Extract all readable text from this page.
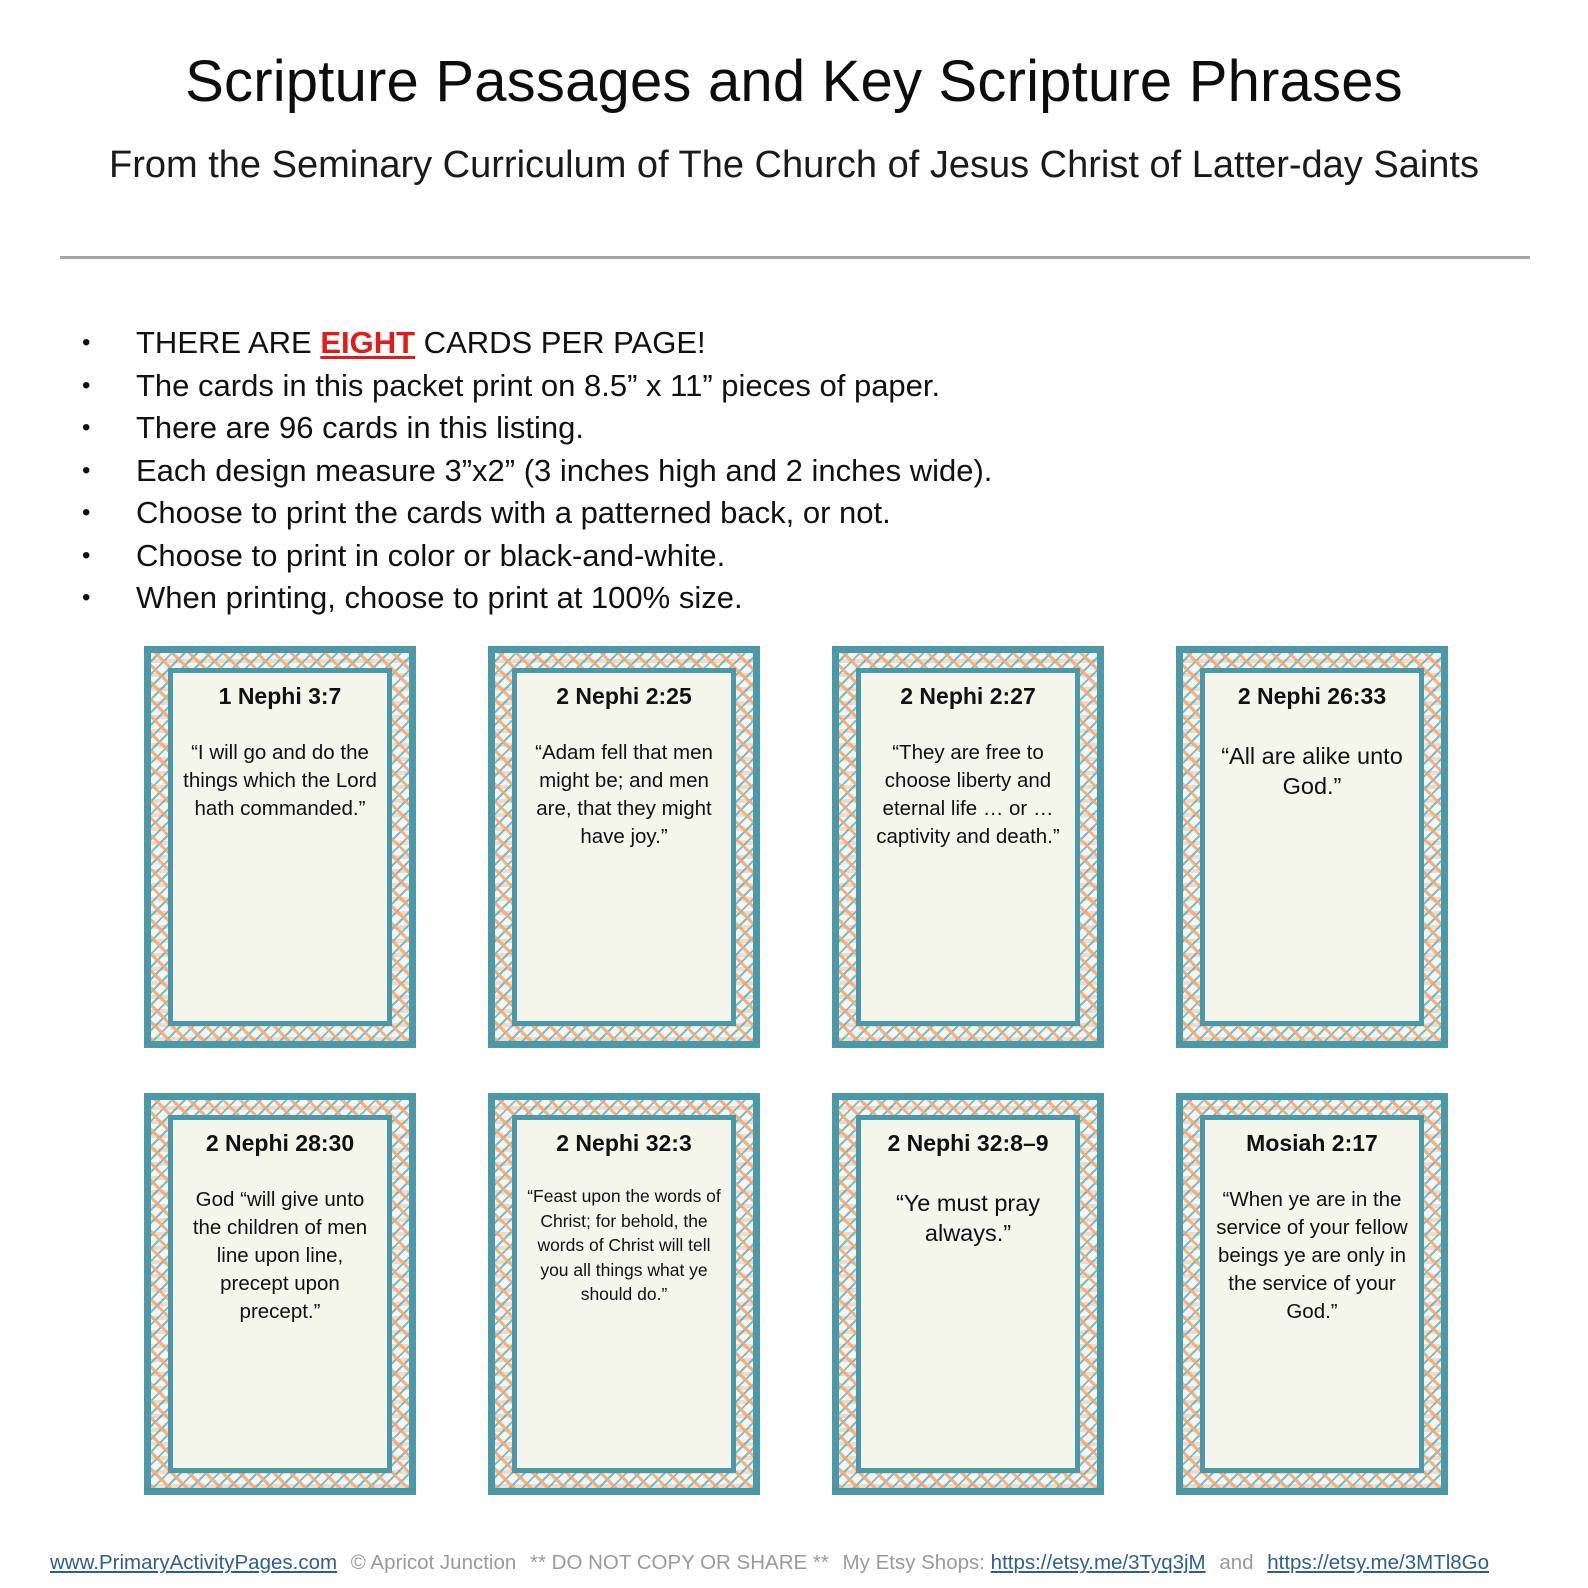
Scripture Passages and Key Scripture Phrases
From the Seminary Curriculum of The Church of Jesus Christ of Latter-day Saints
• THERE ARE EIGHT CARDS PER PAGE!
• The cards in this packet print on 8.5” x 11” pieces of paper.
• There are 96 cards in this listing.
• Each design measure 3”x2” (3 inches high and 2 inches wide).
• Choose to print the cards with a patterned back, or not.
• Choose to print in color or black-and-white.
• When printing, choose to print at 100% size.
1 Nephi 3:7
“I will go and do the things which the Lord hath commanded.”
2 Nephi 2:25
“Adam fell that men might be; and men are, that they might have joy.”
2 Nephi 2:27
“They are free to choose liberty and eternal life … or … captivity and death.”
2 Nephi 26:33
“All are alike unto God.”
2 Nephi 28:30
God “will give unto the children of men line upon line, precept upon precept.”
2 Nephi 32:3
“Feast upon the words of Christ; for behold, the words of Christ will tell you all things what ye should do.”
2 Nephi 32:8–9
“Ye must pray always.”
Mosiah 2:17
“When ye are in the service of your fellow beings ye are only in the service of your God.”
www.PrimaryActivityPages.com © Apricot Junction ** DO NOT COPY OR SHARE ** My Etsy Shops: https://etsy.me/3Tyq3jM and https://etsy.me/3MTl8Go
